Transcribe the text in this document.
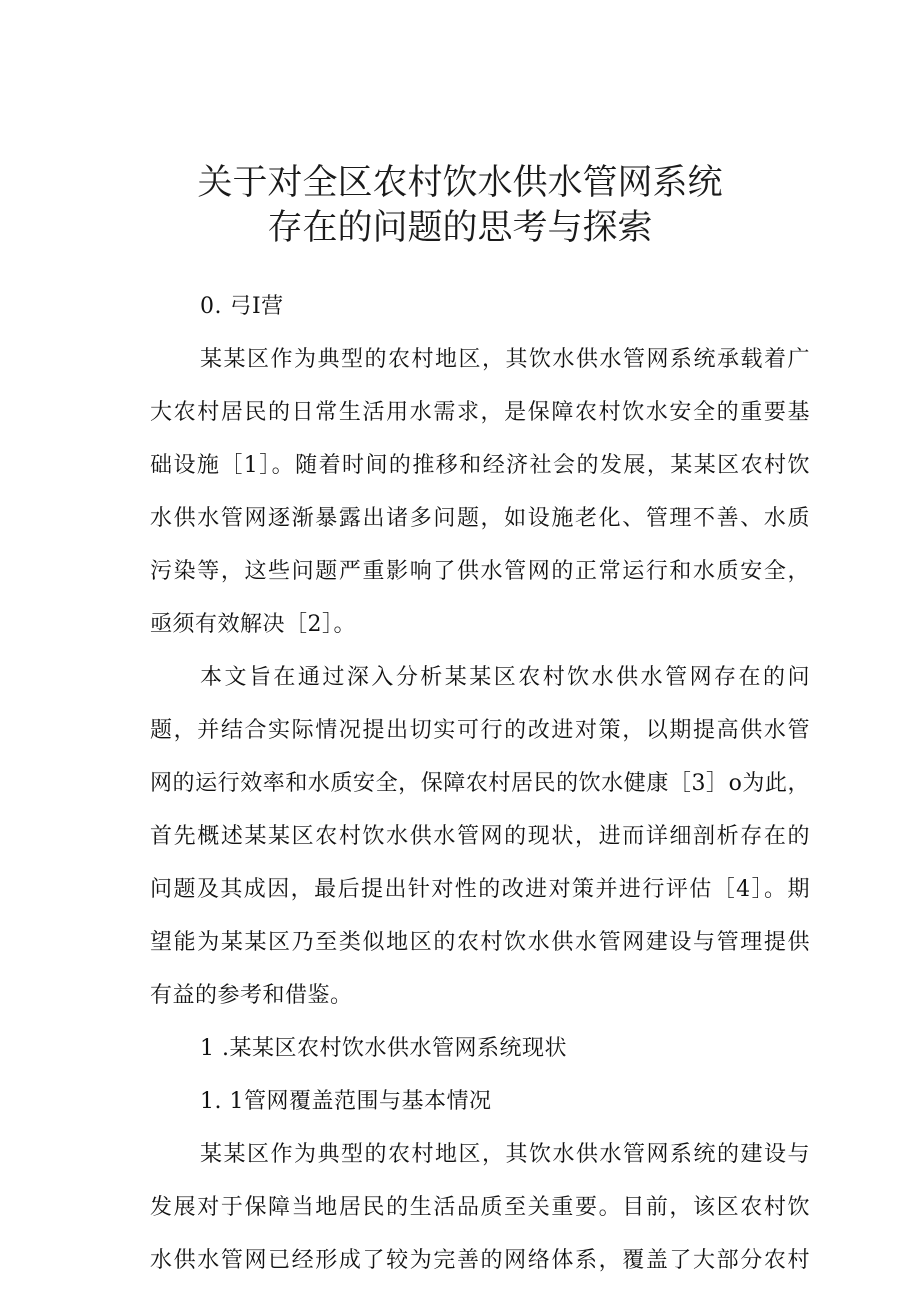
关于对全区农村饮水供水管网系统
存在的问题的思考与探索
0. 弓I营
某某区作为典型的农村地区，其饮水供水管网系统承载着广
大农村居民的日常生活用水需求，是保障农村饮水安全的重要基
础设施［1］。随着时间的推移和经济社会的发展，某某区农村饮
水供水管网逐渐暴露出诸多问题，如设施老化、管理不善、水质
污染等，这些问题严重影响了供水管网的正常运行和水质安全，
亟须有效解决［2］。
本文旨在通过深入分析某某区农村饮水供水管网存在的问
题，并结合实际情况提出切实可行的改进对策，以期提高供水管
网的运行效率和水质安全，保障农村居民的饮水健康［3］o为此，
首先概述某某区农村饮水供水管网的现状，进而详细剖析存在的
问题及其成因，最后提出针对性的改进对策并进行评估［4］。期
望能为某某区乃至类似地区的农村饮水供水管网建设与管理提供
有益的参考和借鉴。
1 .某某区农村饮水供水管网系统现状
1. 1管网覆盖范围与基本情况
某某区作为典型的农村地区，其饮水供水管网系统的建设与
发展对于保障当地居民的生活品质至关重要。目前，该区农村饮
水供水管网已经形成了较为完善的网络体系，覆盖了大部分农村
